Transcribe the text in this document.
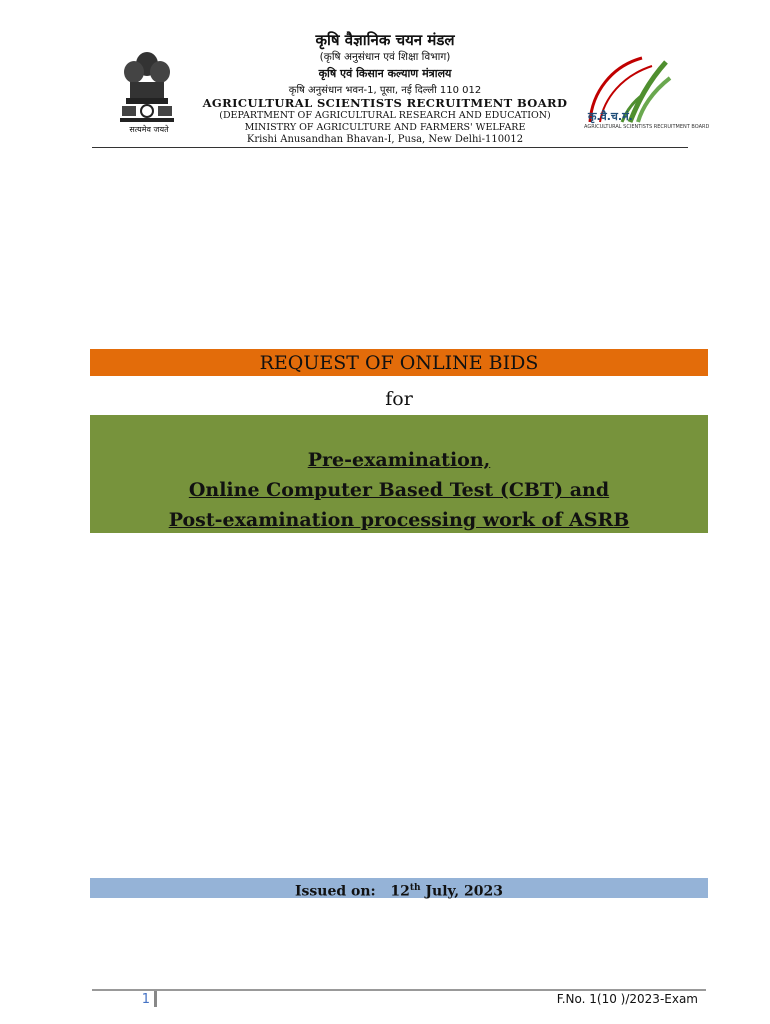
सत्यमेव जयते
कृषि वैज्ञानिक चयन मंडल
(कृषि अनुसंधान एवं शिक्षा विभाग)
कृषि एवं किसान कल्याण मंत्रालय
कृषि अनुसंधान भवन-1, पूसा, नई दिल्ली 110 012
AGRICULTURAL SCIENTISTS RECRUITMENT BOARD
(DEPARTMENT OF AGRICULTURAL RESEARCH AND EDUCATION)
MINISTRY OF AGRICULTURE AND FARMERS' WELFARE
Krishi Anusandhan Bhavan-I, Pusa, New Delhi-110012
कृ.वै.च.मं.
AGRICULTURAL SCIENTISTS RECRUITMENT BOARD
REQUEST OF ONLINE BIDS
for
Pre-examination,
Online Computer Based Test (CBT) and
Post-examination processing work of ASRB
Issued on: 12th July, 2023
1	F.No. 1(10 )/2023-Exam
